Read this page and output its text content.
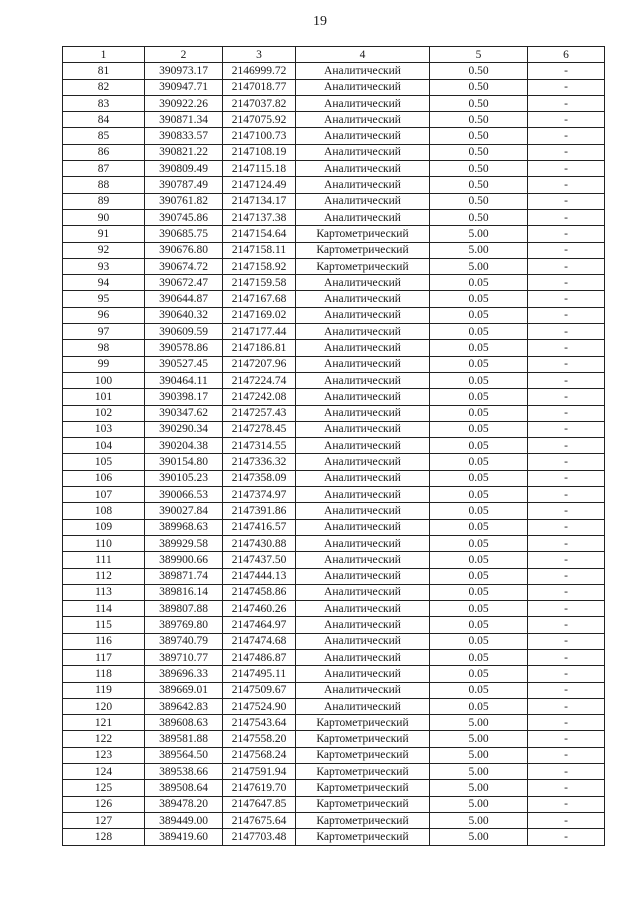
19
1	2	3	4	5	6
81	390973.17	2146999.72	Аналитический	0.50	-
82	390947.71	2147018.77	Аналитический	0.50	-
83	390922.26	2147037.82	Аналитический	0.50	-
84	390871.34	2147075.92	Аналитический	0.50	-
85	390833.57	2147100.73	Аналитический	0.50	-
86	390821.22	2147108.19	Аналитический	0.50	-
87	390809.49	2147115.18	Аналитический	0.50	-
88	390787.49	2147124.49	Аналитический	0.50	-
89	390761.82	2147134.17	Аналитический	0.50	-
90	390745.86	2147137.38	Аналитический	0.50	-
91	390685.75	2147154.64	Картометрический	5.00	-
92	390676.80	2147158.11	Картометрический	5.00	-
93	390674.72	2147158.92	Картометрический	5.00	-
94	390672.47	2147159.58	Аналитический	0.05	-
95	390644.87	2147167.68	Аналитический	0.05	-
96	390640.32	2147169.02	Аналитический	0.05	-
97	390609.59	2147177.44	Аналитический	0.05	-
98	390578.86	2147186.81	Аналитический	0.05	-
99	390527.45	2147207.96	Аналитический	0.05	-
100	390464.11	2147224.74	Аналитический	0.05	-
101	390398.17	2147242.08	Аналитический	0.05	-
102	390347.62	2147257.43	Аналитический	0.05	-
103	390290.34	2147278.45	Аналитический	0.05	-
104	390204.38	2147314.55	Аналитический	0.05	-
105	390154.80	2147336.32	Аналитический	0.05	-
106	390105.23	2147358.09	Аналитический	0.05	-
107	390066.53	2147374.97	Аналитический	0.05	-
108	390027.84	2147391.86	Аналитический	0.05	-
109	389968.63	2147416.57	Аналитический	0.05	-
110	389929.58	2147430.88	Аналитический	0.05	-
111	389900.66	2147437.50	Аналитический	0.05	-
112	389871.74	2147444.13	Аналитический	0.05	-
113	389816.14	2147458.86	Аналитический	0.05	-
114	389807.88	2147460.26	Аналитический	0.05	-
115	389769.80	2147464.97	Аналитический	0.05	-
116	389740.79	2147474.68	Аналитический	0.05	-
117	389710.77	2147486.87	Аналитический	0.05	-
118	389696.33	2147495.11	Аналитический	0.05	-
119	389669.01	2147509.67	Аналитический	0.05	-
120	389642.83	2147524.90	Аналитический	0.05	-
121	389608.63	2147543.64	Картометрический	5.00	-
122	389581.88	2147558.20	Картометрический	5.00	-
123	389564.50	2147568.24	Картометрический	5.00	-
124	389538.66	2147591.94	Картометрический	5.00	-
125	389508.64	2147619.70	Картометрический	5.00	-
126	389478.20	2147647.85	Картометрический	5.00	-
127	389449.00	2147675.64	Картометрический	5.00	-
128	389419.60	2147703.48	Картометрический	5.00	-
